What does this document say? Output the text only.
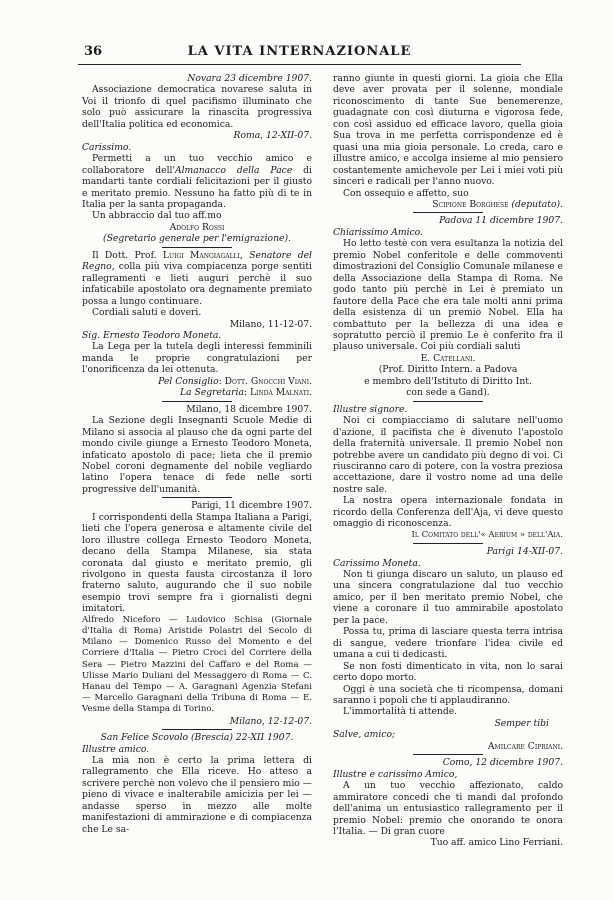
36	LA VITA INTERNAZIONALE

Novara 23 dicembre 1907.

Associazione democratica novarese saluta in Voi il trionfo di quel pacifismo illuminato che solo può assicurare la rinascita progressiva dell'Italia politica ed economica.

Roma, 12-XII-07.

Carissimo.

Permetti a un tuo vecchio amico e collaboratore dell'Almanacco della Pace di mandarti tante cordiali felicitazioni per il giusto e meritato premio. Nessuno ha fatto più di te in Italia per la santa propaganda.

Un abbraccio dal tuo aff.mo

Adolfo Rossi

(Segretario generale per l'emigrazione).

Il Dott. Prof. Luigi Mangiagalli, Senatore del Regno, colla più viva compiacenza porge sentiti rallegramenti e lieti auguri perchè il suo infaticabile apostolato ora degnamente premiato possa a lungo continuare.

Cordiali saluti e doveri.

Milano, 11-12-07.

Sig. Ernesto Teodoro Moneta.

La Lega per la tutela degli interessi femminili manda le proprie congratulazioni per l'onorificenza da lei ottenuta.

Pel Consiglio: Dott. Gnocchi Viani.

La Segretaria: Linda Malnati.

Milano, 18 dicembre 1907.

La Sezione degli Insegnanti Scuole Medie di Milano si associa al plauso che da ogni parte del mondo civile giunge a Ernesto Teodoro Moneta, infaticato apostolo di pace; lieta che il premio Nobel coroni degnamente del nobile vegliardo latino l'opera tenace di fede nelle sorti progressive dell'umanità.

Parigi, 11 dicembre 1907.

I corrispondenti della Stampa Italiana a Parigi, lieti che l'opera generosa e altamente civile del loro illustre collega Ernesto Teodoro Moneta, decano della Stampa Milanese, sia stata coronata dal giusto e meritato premio, gli rivolgono in questa fausta circostanza il loro fraterno saluto, augurando che il suo nobile esempio trovi sempre fra i giornalisti degni imitatori.

Alfredo Niceforo — Ludovico Schisa (Giornale d'Italia di Roma) Aristide Polastri del Secolo di Milano — Domenico Russo del Momento e del Corriere d'Italia — Pietro Croci del Corriere della Sera — Pietro Mazzini del Caffaro e del Roma — Ulisse Mario Duliani del Messaggero di Roma — C. Hanau del Tempo — A. Garagnani Agenzia Stefani — Marcello Garagnani della Tribuna di Roma — E. Vesme della Stampa di Torino.

Milano, 12-12-07.

San Felice Scovolo (Brescia) 22-XII 1907.

Illustre amico.

La mia non è certo la prima lettera di rallegramento che Ella riceve. Ho atteso a scrivere perchè non volevo che il pensiero mio — pieno di vivace e inalterabile amicizia per lei — andasse sperso in mezzo alle molte manifestazioni di ammirazione e di compiacenza che Le sa-

ranno giunte in questi giorni. La gioia che Ella deve aver provata per il solenne, mondiale riconoscimento di tante Sue benemerenze, guadagnate con così diuturna e vigorosa fede, con così assiduo ed efficace lavoro, quella gioia Sua trova in me perfetta corrispondenze ed è quasi una mia gioia personale. Lo creda, caro e illustre amico, e accolga insieme al mio pensiero costantemente amichevole per Lei i miei voti più sinceri e radicali per l'anno nuovo.

Con ossequio e affetto, suo

Scipione Borghese (deputato).

Padova 11 dicembre 1907.

Chiarissimo Amico.

Ho letto testè con vera esultanza la notizia del premio Nobel conferitole e delle commoventi dimostrazioni del Consiglio Comunale milanese e della Associazione della Stampa di Roma. Ne godo tanto più perchè in Lei è premiato un fautore della Pace che era tale molti anni prima della esistenza di un premio Nobel. Ella ha combattuto per la bellezza di una idea e sopratutto perciò il premio Le è conferito fra il plauso universale. Coi più cordiali saluti

E. Catellani.

(Prof. Diritto Intern. a Padova

e membro dell'Istituto di Diritto Int.

con sede a Gand).

Illustre signore.

Noi ci compiacciamo di salutare nell'uomo d'azione, il pacifista che è divenuto l'apostolo della fraternità universale. Il premio Nobel non potrebbe avere un candidato più degno di voi. Ci riusciranno caro di potere, con la vostra preziosa accettazione, dare il vostro nome ad una delle nostre sale.

La nostra opera internazionale fondata in ricordo della Conferenza dell'Aja, vi deve questo omaggio di riconoscenza.

Il Comitato dell'« Aerium » dell'Aia.

Parigi 14-XII-07.

Carissimo Moneta.

Non ti giunga discaro un saluto, un plauso ed una sincera congratulazione dal tuo vecchio amico, per il ben meritato premio Nobel, che viene a coronare il tuo ammirabile apostolato per la pace.

Possa tu, prima di lasciare questa terra intrisa di sangue, vedere trionfare l'idea civile ed umana a cui ti dedicasti.

Se non fosti dimenticato in vita, non lo sarai certo dopo morto.

Oggi è una società che ti ricompensa, domani saranno i popoli che ti applaudiranno.

L'immortalità ti attende.

Semper tibi

Salve, amico;

Amilcare Cipriani.

Como, 12 dicembre 1907.

Illustre e carissimo Amico,

A un tuo vecchio affezionato, caldo ammiratore concedi che ti mandi dal profondo dell'anima un entusiastico rallegramento per il premio Nobel: premio che onorando te onora l'Italia. — Di gran cuore

Tuo aff. amico Lino Ferriani.
